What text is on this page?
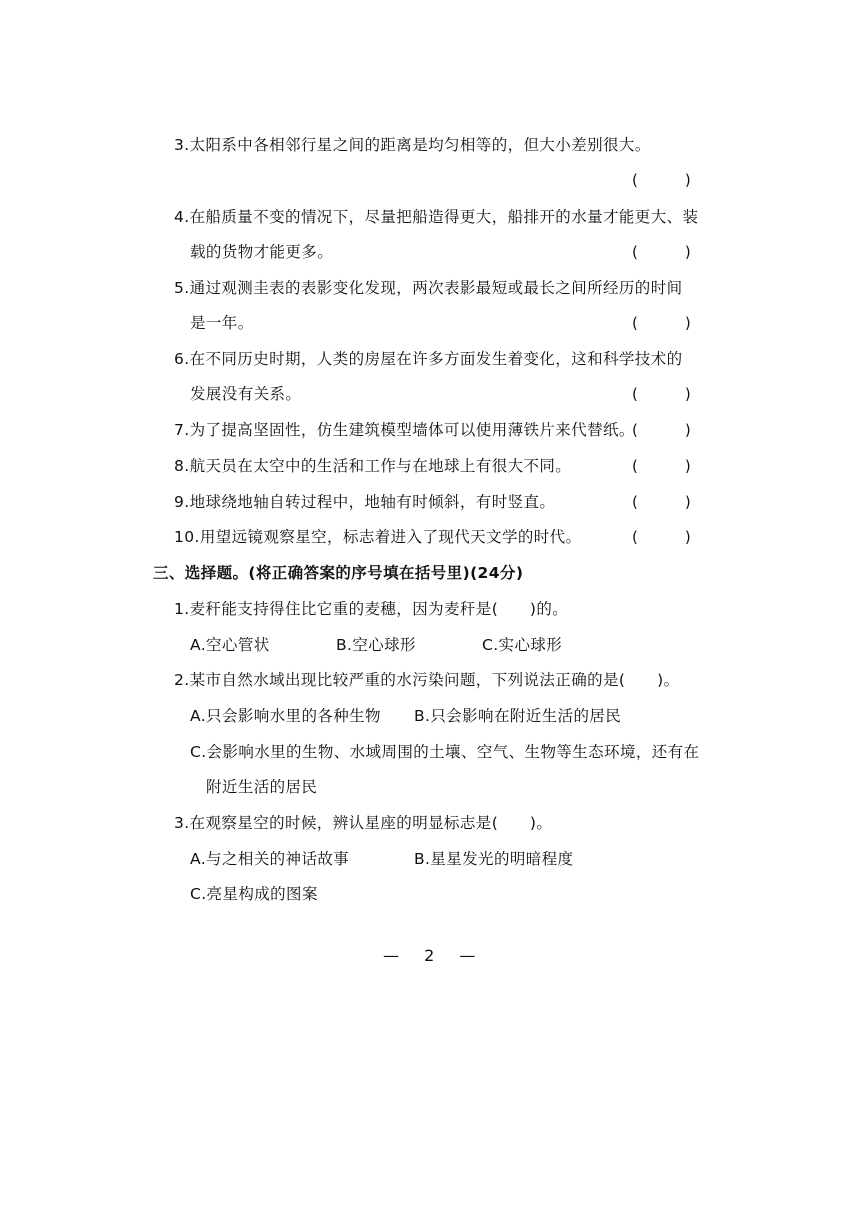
3.太阳系中各相邻行星之间的距离是均匀相等的，但大小差别很大。
(　)
4.在船质量不变的情况下，尽量把船造得更大，船排开的水量才能更大、装
载的货物才能更多。	(　)
5.通过观测圭表的表影变化发现，两次表影最短或最长之间所经历的时间
是一年。	(　)
6.在不同历史时期，人类的房屋在许多方面发生着变化，这和科学技术的
发展没有关系。	(　)
7.为了提高坚固性，仿生建筑模型墙体可以使用薄铁片来代替纸。
(　)
8.航天员在太空中的生活和工作与在地球上有很大不同。	(　)
9.地球绕地轴自转过程中，地轴有时倾斜，有时竖直。	(　)
10.用望远镜观察星空，标志着进入了现代天文学的时代。	(　)
三、选择题。(将正确答案的序号填在括号里)(24分)
1.麦秆能支持得住比它重的麦穗，因为麦秆是(　　)的。
A.空心管状	B.空心球形	C.实心球形
2.某市自然水域出现比较严重的水污染问题，下列说法正确的是(　　)。
A.只会影响水里的各种生物 B.只会影响在附近生活的居民
C.会影响水里的生物、水域周围的土壤、空气、生物等生态环境，还有在
附近生活的居民
3.在观察星空的时候，辨认星座的明显标志是(　　)。
A.与之相关的神话故事	B.星星发光的明暗程度
C.亮星构成的图案
— 2 —
